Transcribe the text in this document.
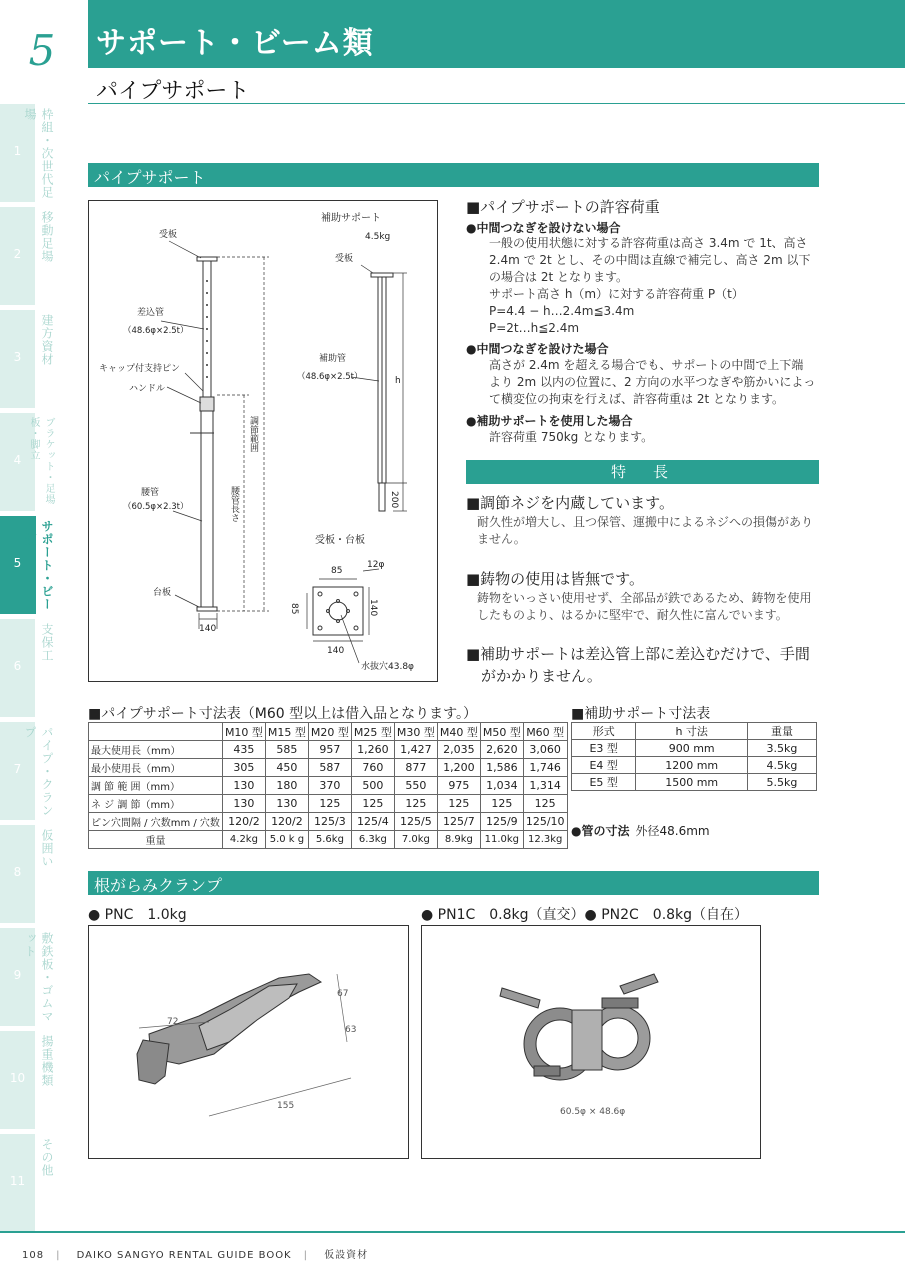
5 サポート・ビーム類
パイプサポート
1	枠組・次世代足場
2	移動足場
3	建方資材
4	ブラケット・足場板・脚立
5	サポート・ビーム類
6
支保工
7	パイプ・クランプ
8
仮囲い
9	敷鉄板・ゴムマット
10	揚重機類
11
その他
パイプサポート
受板
差込管
（48.6φ×2.5t）
キャップ付支持ピン
ハンドル
腰管
（60.5φ×2.3t）
台板
140
調節範囲
腰管長さ
補助サポート
4.5kg
受板
補助管
（48.6φ×2.5t）	h
200
受板・台板
85
12φ
85	140
140
水抜穴43.8φ
■パイプサポートの許容荷重
●中間つなぎを設けない場合
一般の使用状態に対する許容荷重は高さ 3.4m で 1t、高さ
2.4m で 2t とし、その中間は直線で補完し、高さ 2m 以下
の場合は 2t となります。
サポート高さ h（m）に対する許容荷重 P（t）
P=4.4 − h…2.4m≦3.4m
P=2t…h≦2.4m
●中間つなぎを設けた場合
高さが 2.4m を超える場合でも、サポートの中間で上下端
より 2m 以内の位置に、2 方向の水平つなぎや筋かいによっ
て横変位の拘束を行えば、許容荷重は 2t となります。
●補助サポートを使用した場合
許容荷重 750kg となります。
特　長
■調節ネジを内蔵しています。
耐久性が増大し、且つ保管、運搬中によるネジへの損傷があり
ません。
■鋳物の使用は皆無です。
鋳物をいっさい使用せず、全部品が鉄であるため、鋳物を使用
したものより、はるかに堅牢で、耐久性に富んでいます。
■補助サポートは差込管上部に差込むだけで、手間
　がかかりません。
■パイプサポート寸法表（M60 型以上は借入品となります。）
	M10 型	M15 型	M20 型	M25 型	M30 型	M40 型	M50 型	M60 型
最大使用長（mm）	435	585	957	1,260	1,427	2,035	2,620	3,060
最小使用長（mm）	305	450	587	760	877	1,200	1,586	1,746
調 節 範 囲（mm）	130	180	370	500	550	975	1,034	1,314
ネ ジ 調 節（mm）	130	130	125	125	125	125	125	125
ピン穴間隔 / 穴数mm / 穴数	120/2	120/2	125/3	125/4	125/5	125/7	125/9	125/10
重量	4.2kg	5.0 k g	5.6kg	6.3kg	7.0kg	8.9kg	11.0kg	12.3kg
■補助サポート寸法表
形式	h 寸法	重量
E3 型	900 mm	3.5kg
E4 型	1200 mm	4.5kg
E5 型	1500 mm	5.5kg
●管の寸法 外径48.6mm
根がらみクランプ
● PNC　1.0kg	● PN1C　0.8kg（直交）● PN2C　0.8kg（自在）
72
67
63
155
60.5φ × 48.6φ
108 | DAIKO SANGYO RENTAL GUIDE BOOK | 仮設資材
